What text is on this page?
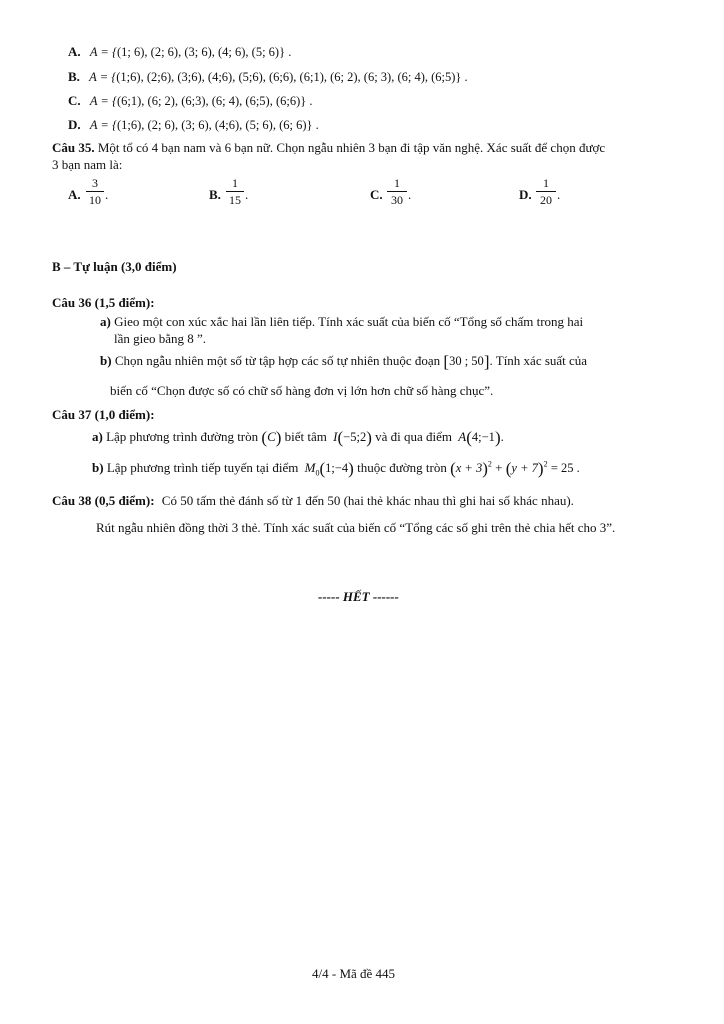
A. A = {(1; 6), (2; 6), (3; 6), (4; 6), (5; 6)} .
B. A = {(1;6), (2;6), (3;6), (4;6), (5;6), (6;6), (6;1), (6; 2), (6; 3), (6; 4), (6;5)} .
C. A = {(6;1), (6; 2), (6;3), (6; 4), (6;5), (6;6)} .
D. A = {(1;6), (2; 6), (3; 6), (4;6), (5; 6), (6; 6)} .
Câu 35. Một tổ có 4 bạn nam và 6 bạn nữ. Chọn ngẫu nhiên 3 bạn đi tập văn nghệ. Xác suất để chọn được
3 bạn nam là:
A.
3
10 .	B.
1
15 .	C.
1
30 .	D.
1
20 .
B – Tự luận (3,0 điểm)
Câu 36 (1,5 điểm):
a) Gieo một con xúc xắc hai lần liên tiếp. Tính xác suất của biến cố “Tổng số chấm trong hai
lần gieo bằng 8 ”.
b) Chọn ngẫu nhiên một số từ tập hợp các số tự nhiên thuộc đoạn [30 ; 50]. Tính xác suất của
biến cố “Chọn được số có chữ số hàng đơn vị lớn hơn chữ số hàng chục”.
Câu 37 (1,0 điểm):
a) Lập phương trình đường tròn (C) biết tâm I(−5;2) và đi qua điểm A(4;−1).
b) Lập phương trình tiếp tuyến tại điểm $M_0(1;-4)$ thuộc đường tròn $(x + 3)^2 + (y + 7)^2 = 25$ .
Câu 38 (0,5 điểm): Có 50 tấm thẻ đánh số từ 1 đến 50 (hai thẻ khác nhau thì ghi hai số khác nhau).
Rút ngẫu nhiên đồng thời 3 thẻ. Tính xác suất của biến cố “Tổng các số ghi trên thẻ chia hết cho 3”.
----- HẾT ------
4/4 - Mã đề 445
